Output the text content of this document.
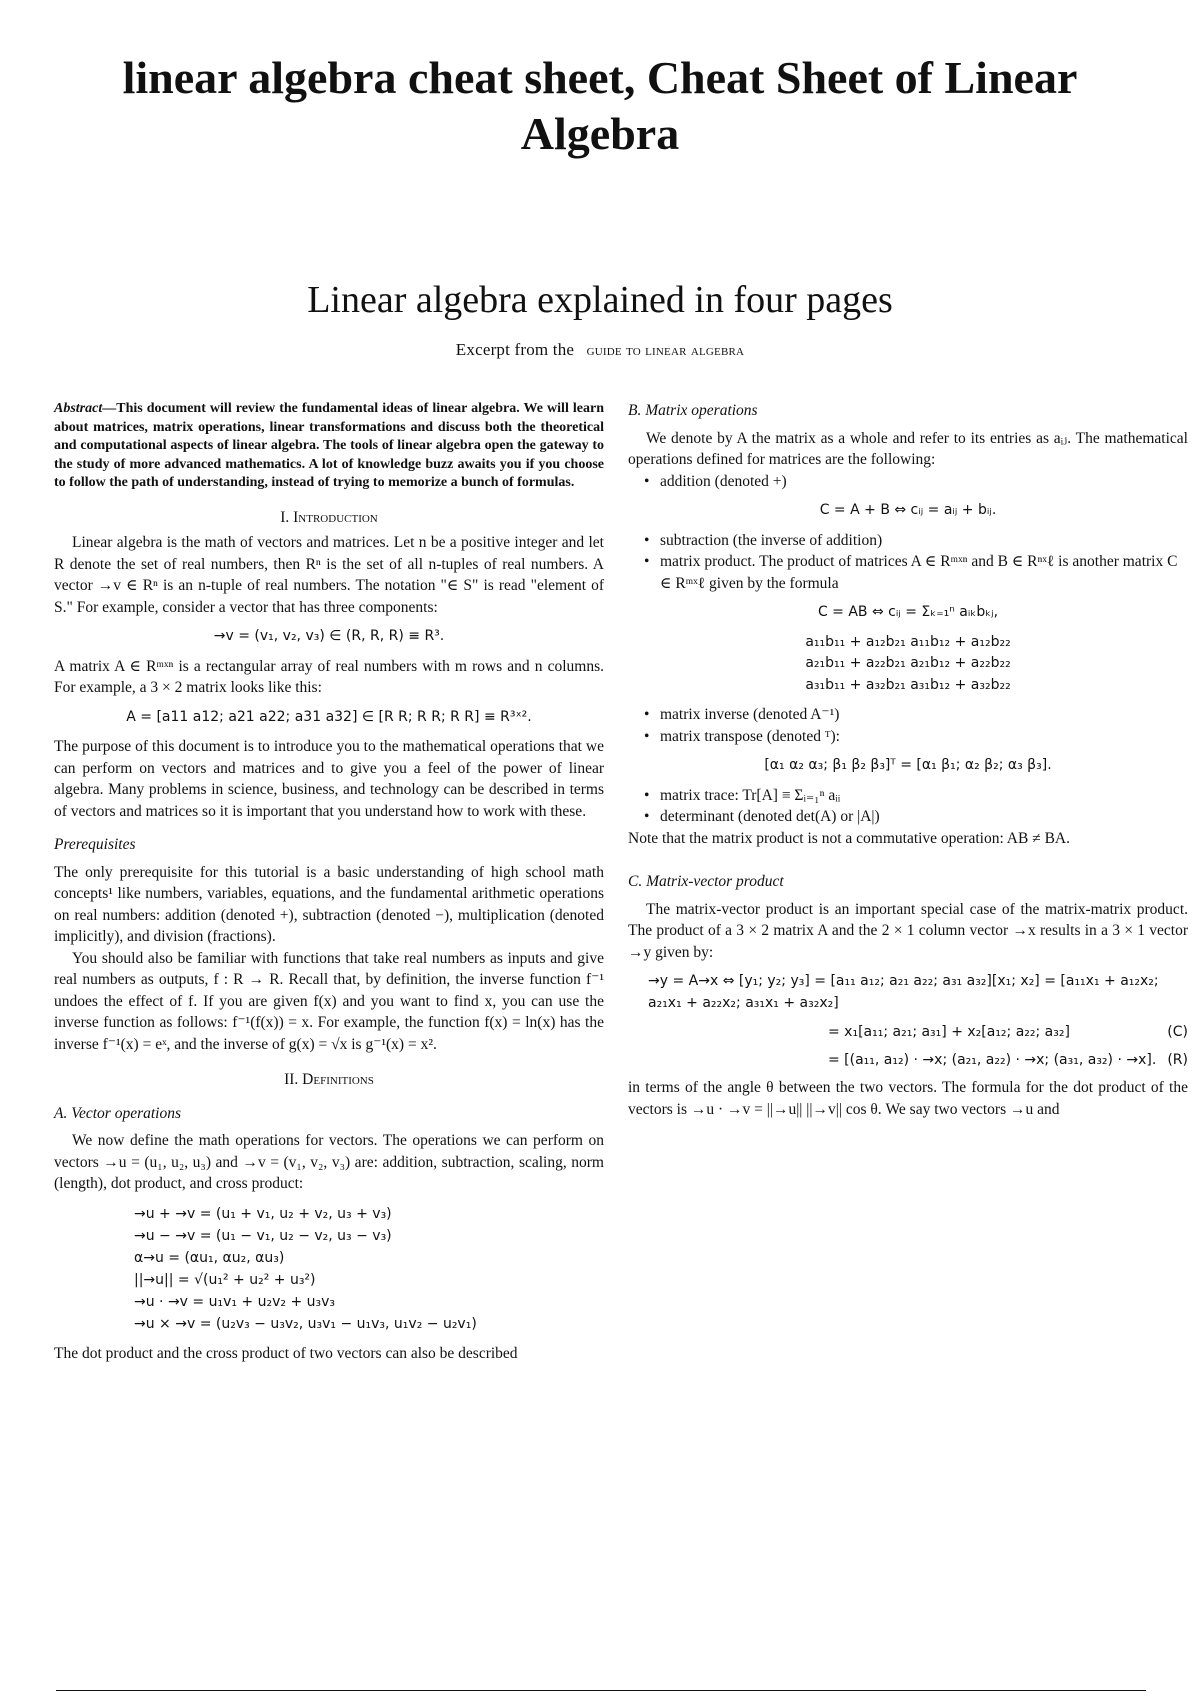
linear algebra cheat sheet, Cheat Sheet of Linear Algebra
Linear algebra explained in four pages
Excerpt from the guide to linear algebra

Abstract—This document will review the fundamental ideas of linear algebra. We will learn about matrices, matrix operations, linear transformations and discuss both the theoretical and computational aspects of linear algebra. The tools of linear algebra open the gateway to the study of more advanced mathematics. A lot of knowledge buzz awaits you if you choose to follow the path of understanding, instead of trying to memorize a bunch of formulas.

I. Introduction

Linear algebra is the math of vectors and matrices. Let n be a positive integer and let R denote the set of real numbers, then Rⁿ is the set of all n-tuples of real numbers. A vector →v ∈ Rⁿ is an n-tuple of real numbers. The notation "∈ S" is read "element of S." For example, consider a vector that has three components:

→v = (v₁, v₂, v₃) ∈ (R, R, R) ≡ R³.

A matrix A ∈ Rᵐˣⁿ is a rectangular array of real numbers with m rows and n columns. For example, a 3 × 2 matrix looks like this:

A = [a11 a12; a21 a22; a31 a32] ∈ [R R; R R; R R] ≡ R³ˣ².

The purpose of this document is to introduce you to the mathematical operations that we can perform on vectors and matrices and to give you a feel of the power of linear algebra. Many problems in science, business, and technology can be described in terms of vectors and matrices so it is important that you understand how to work with these.

Prerequisites

The only prerequisite for this tutorial is a basic understanding of high school math concepts¹ like numbers, variables, equations, and the fundamental arithmetic operations on real numbers: addition (denoted +), subtraction (denoted −), multiplication (denoted implicitly), and division (fractions).

You should also be familiar with functions that take real numbers as inputs and give real numbers as outputs, f : R → R. Recall that, by definition, the inverse function f⁻¹ undoes the effect of f. If you are given f(x) and you want to find x, you can use the inverse function as follows: f⁻¹(f(x)) = x. For example, the function f(x) = ln(x) has the inverse f⁻¹(x) = eˣ, and the inverse of g(x) = √x is g⁻¹(x) = x².

II. Definitions
A. Vector operations

We now define the math operations for vectors. The operations we can perform on vectors →u = (u₁, u₂, u₃) and →v = (v₁, v₂, v₃) are: addition, subtraction, scaling, norm (length), dot product, and cross product:

→u + →v = (u₁ + v₁, u₂ + v₂, u₃ + v₃)
→u − →v = (u₁ − v₁, u₂ − v₂, u₃ − v₃)
α→u = (αu₁, αu₂, αu₃)
||→u|| = √(u₁² + u₂² + u₃²)
→u · →v = u₁v₁ + u₂v₂ + u₃v₃
→u × →v = (u₂v₃ − u₃v₂, u₃v₁ − u₁v₃, u₁v₂ − u₂v₁)

The dot product and the cross product of two vectors can also be described

B. Matrix operations

We denote by A the matrix as a whole and refer to its entries as aᵢⱼ. The mathematical operations defined for matrices are the following:

• addition (denoted +)
C = A + B ⇔ cᵢⱼ = aᵢⱼ + bᵢⱼ.
• subtraction (the inverse of addition)
• matrix product. The product of matrices A ∈ Rᵐˣⁿ and B ∈ Rⁿˣℓ is another matrix C ∈ Rᵐˣℓ given by the formula
C = AB ⇔ cᵢⱼ = Σₖ₌₁ⁿ aᵢₖbₖⱼ,
a₁₁b₁₁ + a₁₂b₂₁ a₁₁b₁₂ + a₁₂b₂₂
a₂₁b₁₁ + a₂₂b₂₁ a₂₁b₁₂ + a₂₂b₂₂
a₃₁b₁₁ + a₃₂b₂₁ a₃₁b₁₂ + a₃₂b₂₂
• matrix inverse (denoted A⁻¹)
• matrix transpose (denoted ᵀ):
[α₁ α₂ α₃; β₁ β₂ β₃]ᵀ = [α₁ β₁; α₂ β₂; α₃ β₃].
• matrix trace: Tr[A] ≡ Σᵢ₌₁ⁿ aᵢᵢ
• determinant (denoted det(A) or |A|)

Note that the matrix product is not a commutative operation: AB ≠ BA.

C. Matrix-vector product

The matrix-vector product is an important special case of the matrix-matrix product. The product of a 3 × 2 matrix A and the 2 × 1 column vector →x results in a 3 × 1 vector →y given by:

→y = A→x ⇔ [y₁; y₂; y₃] = [a₁₁ a₁₂; a₂₁ a₂₂; a₃₁ a₃₂][x₁; x₂] = [a₁₁x₁ + a₁₂x₂; a₂₁x₁ + a₂₂x₂; a₃₁x₁ + a₃₂x₂]
= x₁[a₁₁; a₂₁; a₃₁] + x₂[a₁₂; a₂₂; a₃₂]	(C)
= [(a₁₁, a₁₂) · →x; (a₂₁, a₂₂) · →x; (a₃₁, a₃₂) · →x]. (R)

in terms of the angle θ between the two vectors. The formula for the dot product of the vectors is →u · →v = ||→u|| ||→v|| cos θ. We say two vectors →u and
